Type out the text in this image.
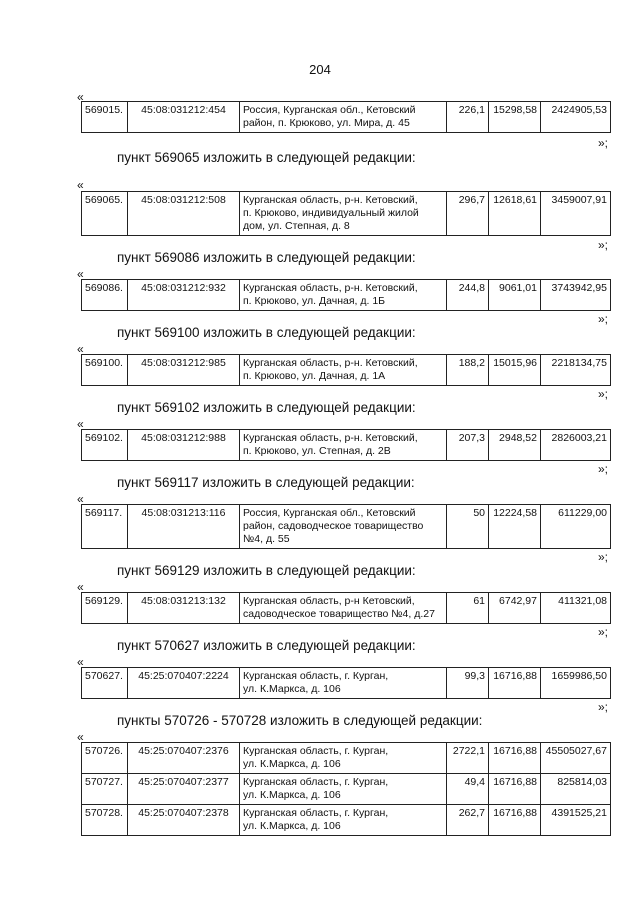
204
«
569015.	45:08:031212:454	Россия, Курганская обл., Кетовский
район, п. Крюково, ул. Мира, д. 45	226,1	15298,58	2424905,53
»;
пункт 569065 изложить в следующей редакции:
«
569065.	45:08:031212:508	Курганская область, р-н. Кетовский,
п. Крюково, индивидуальный жилой
дом, ул. Степная, д. 8	296,7	12618,61	3459007,91
»;
пункт 569086 изложить в следующей редакции:
«
569086.	45:08:031212:932	Курганская область, р-н. Кетовский,
п. Крюково, ул. Дачная, д. 1Б	244,8	9061,01	3743942,95
»;
пункт 569100 изложить в следующей редакции:
«
569100.	45:08:031212:985	Курганская область, р-н. Кетовский,
п. Крюково, ул. Дачная, д. 1А	188,2	15015,96	2218134,75
»;
пункт 569102 изложить в следующей редакции:
«
569102.	45:08:031212:988	Курганская область, р-н. Кетовский,
п. Крюково, ул. Степная, д. 2В	207,3	2948,52	2826003,21
»;
пункт 569117 изложить в следующей редакции:
«
569117.	45:08:031213:116	Россия, Курганская обл., Кетовский
район, садоводческое товарищество
№4, д. 55	50	12224,58	611229,00
»;
пункт 569129 изложить в следующей редакции:
«
569129.	45:08:031213:132	Курганская область, р-н Кетовский,
садоводческое товарищество №4, д.27	61	6742,97	411321,08
»;
пункт 570627 изложить в следующей редакции:
«
570627.	45:25:070407:2224	Курганская область, г. Курган,
ул. К.Маркса, д. 106	99,3	16716,88	1659986,50
»;
пункты 570726 - 570728 изложить в следующей редакции:
«
570726.	45:25:070407:2376	Курганская область, г. Курган,
ул. К.Маркса, д. 106	2722,1	16716,88	45505027,67
570727.	45:25:070407:2377	Курганская область, г. Курган,
ул. К.Маркса, д. 106	49,4	16716,88	825814,03
570728.	45:25:070407:2378	Курганская область, г. Курган,
ул. К.Маркса, д. 106	262,7	16716,88	4391525,21
